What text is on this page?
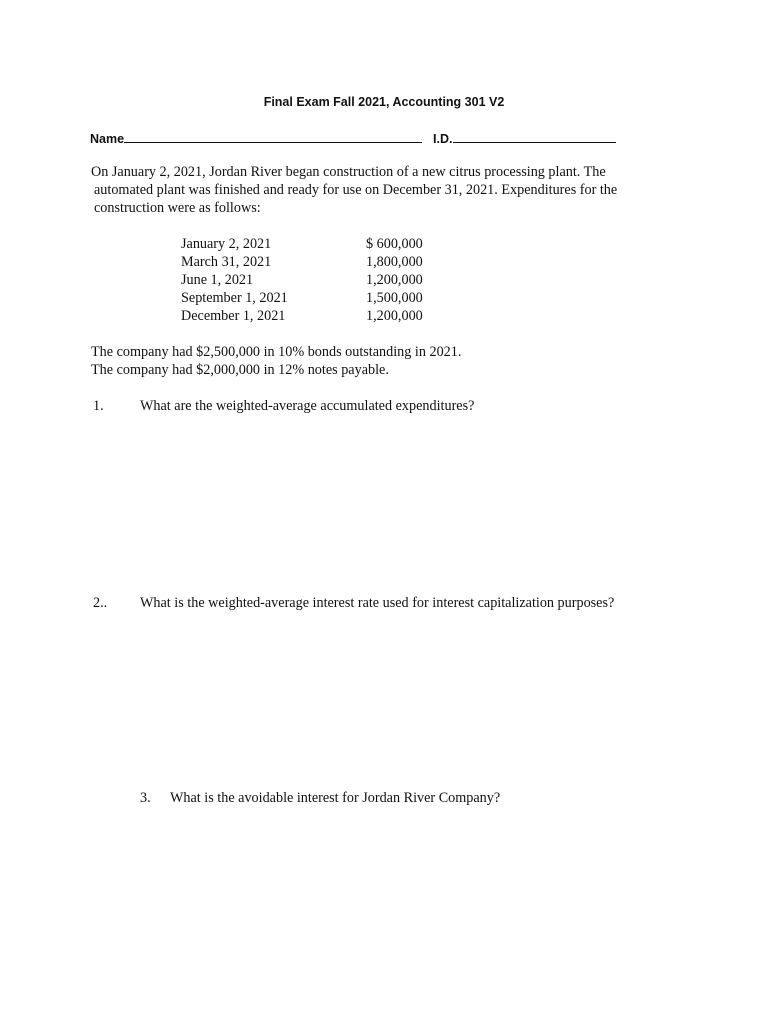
Final Exam Fall 2021, Accounting 301 V2
Name	I.D.
On January 2, 2021, Jordan River began construction of a new citrus processing plant. The
automated plant was finished and ready for use on December 31, 2021. Expenditures for the
construction were as follows:
January 2, 2021	$ 600,000
March 31, 2021	1,800,000
June 1, 2021	1,200,000
September 1, 2021	1,500,000
December 1, 2021	1,200,000
The company had $2,500,000 in 10% bonds outstanding in 2021.
The company had $2,000,000 in 12% notes payable.
1.	What are the weighted-average accumulated expenditures?
2.. What is the weighted-average interest rate used for interest capitalization purposes?
3. What is the avoidable interest for Jordan River Company?
